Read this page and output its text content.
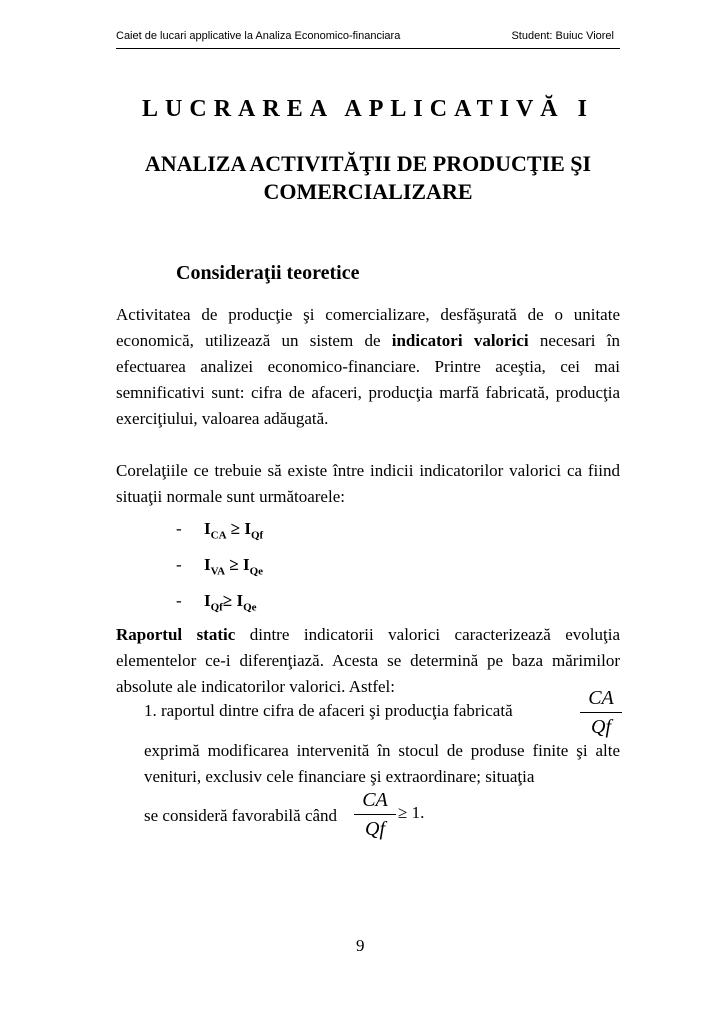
Caiet de lucari applicative la Analiza Economico-financiara	Student: Buiuc Viorel
LUCRAREA APLICATIVĂ I
ANALIZA ACTIVITĂŢII DE PRODUCŢIE ŞI
COMERCIALIZARE
Consideraţii teoretice
Activitatea de producţie şi comercializare, desfăşurată de o unitate economică, utilizează un sistem de indicatori valorici necesari în efectuarea analizei economico-financiare. Printre aceştia, cei mai semnificativi sunt: cifra de afaceri, producţia marfă fabricată, producţia exerciţiului, valoarea adăugată.
Corelaţiile ce trebuie să existe între indicii indicatorilor valorici ca fiind situaţii normale sunt următoarele:
- $I_{CA} \ge I_{Qf}$
- $I_{VA} \ge I_{Qe}$
- $I_{Qf}\ge I_{Qe}$
Raportul static dintre indicatorii valorici caracterizează evoluţia elementelor ce-i diferenţiază. Acesta se determină pe baza mărimilor absolute ale indicatorilor valorici. Astfel:
1. raportul dintre cifra de afaceri şi producţia fabricată
CA
Qf
exprimă modificarea intervenită în stocul de produse finite şi alte venituri, exclusiv cele financiare şi extraordinare; situaţia
se consideră favorabilă când
CA
Qf
≥ 1.
9
